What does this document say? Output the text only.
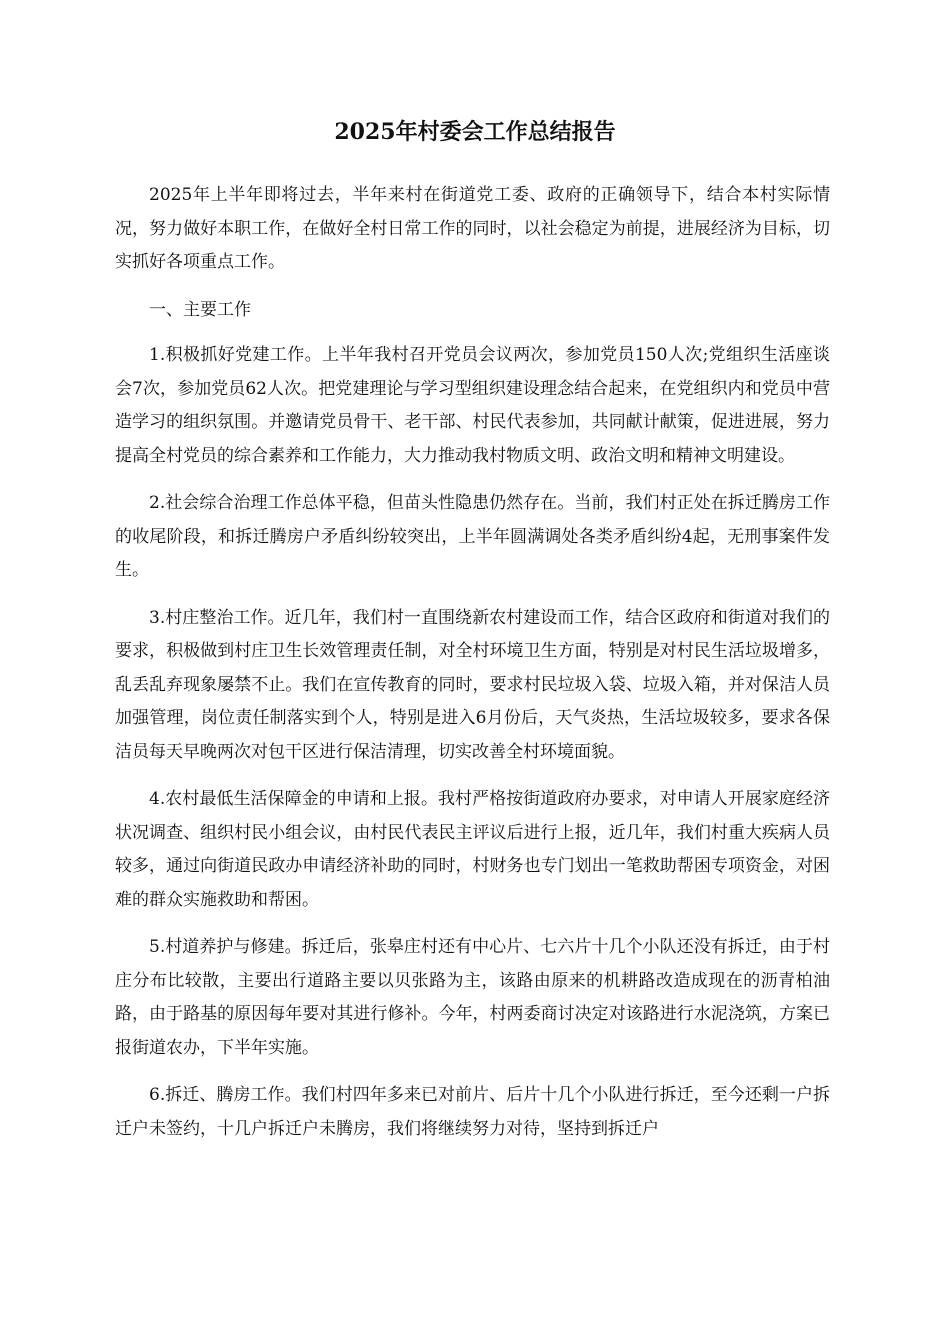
2025年村委会工作总结报告

2025年上半年即将过去，半年来村在街道党工委、政府的正确领导下，结合本村实际情况，努力做好本职工作，在做好全村日常工作的同时，以社会稳定为前提，进展经济为目标，切实抓好各项重点工作。

一、主要工作

1.积极抓好党建工作。上半年我村召开党员会议两次，参加党员150人次;党组织生活座谈会7次，参加党员62人次。把党建理论与学习型组织建设理念结合起来，在党组织内和党员中营造学习的组织氛围。并邀请党员骨干、老干部、村民代表参加，共同献计献策，促进进展，努力提高全村党员的综合素养和工作能力，大力推动我村物质文明、政治文明和精神文明建设。

2.社会综合治理工作总体平稳，但苗头性隐患仍然存在。当前，我们村正处在拆迁腾房工作的收尾阶段，和拆迁腾房户矛盾纠纷较突出，上半年圆满调处各类矛盾纠纷4起，无刑事案件发生。

3.村庄整治工作。近几年，我们村一直围绕新农村建设而工作，结合区政府和街道对我们的要求，积极做到村庄卫生长效管理责任制，对全村环境卫生方面，特别是对村民生活垃圾增多，乱丢乱弃现象屡禁不止。我们在宣传教育的同时，要求村民垃圾入袋、垃圾入箱，并对保洁人员加强管理，岗位责任制落实到个人，特别是进入6月份后，天气炎热，生活垃圾较多，要求各保洁员每天早晚两次对包干区进行保洁清理，切实改善全村环境面貌。

4.农村最低生活保障金的申请和上报。我村严格按街道政府办要求，对申请人开展家庭经济状况调查、组织村民小组会议，由村民代表民主评议后进行上报，近几年，我们村重大疾病人员较多，通过向街道民政办申请经济补助的同时，村财务也专门划出一笔救助帮困专项资金，对困难的群众实施救助和帮困。

5.村道养护与修建。拆迁后，张皋庄村还有中心片、七六片十几个小队还没有拆迁，由于村庄分布比较散，主要出行道路主要以贝张路为主，该路由原来的机耕路改造成现在的沥青柏油路，由于路基的原因每年要对其进行修补。今年，村两委商讨决定对该路进行水泥浇筑，方案已报街道农办，下半年实施。

6.拆迁、腾房工作。我们村四年多来已对前片、后片十几个小队进行拆迁，至今还剩一户拆迁户未签约，十几户拆迁户未腾房，我们将继续努力对待，坚持到拆迁户
